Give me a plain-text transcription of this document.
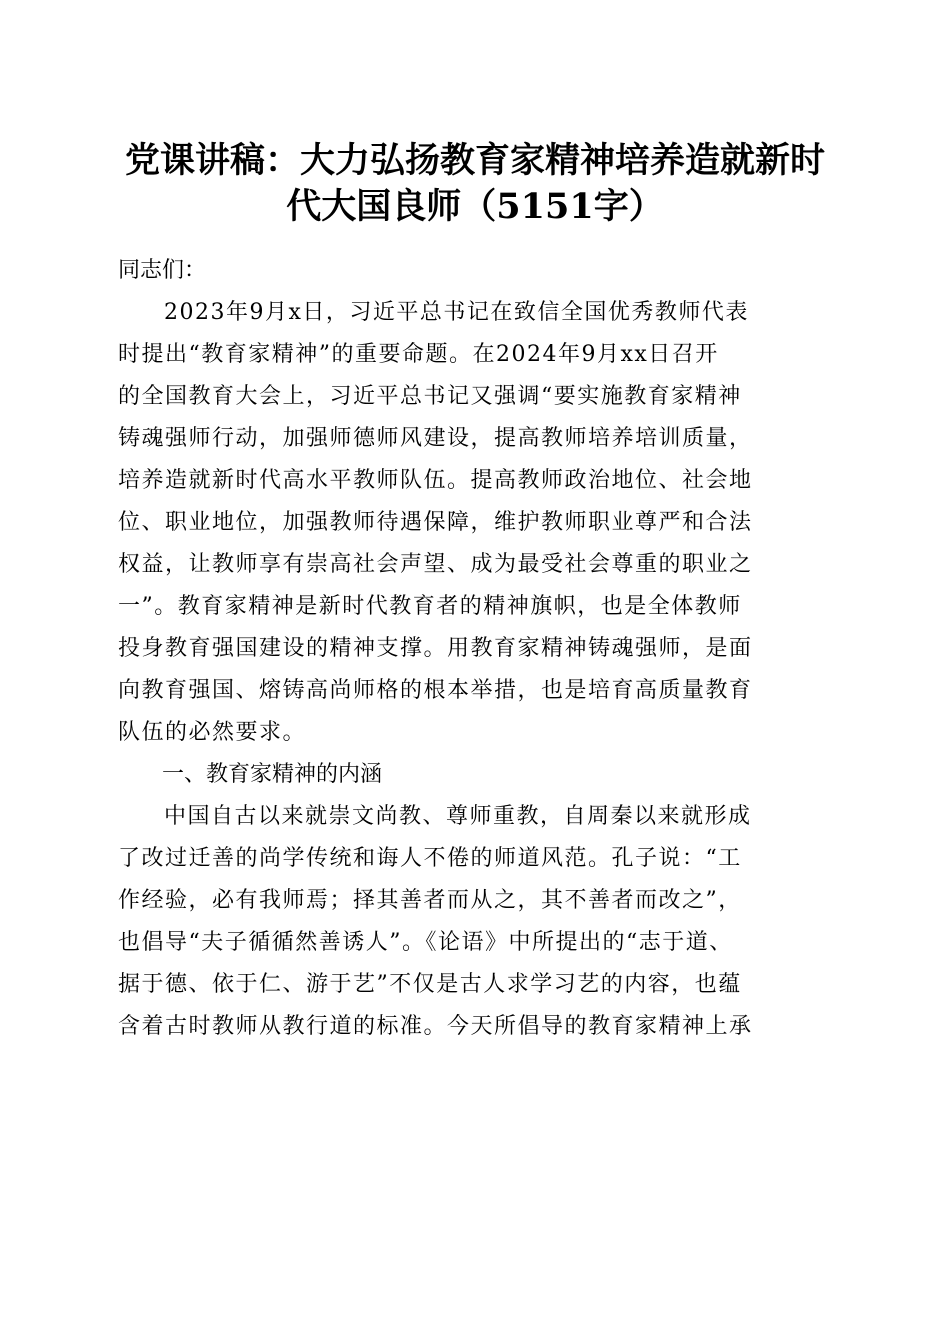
党课讲稿：大力弘扬教育家精神培养造就新时
代大国良师（5151字）
同志们：

2023年9月x日，习近平总书记在致信全国优秀教师代表
时提出“教育家精神”的重要命题。在2024年9月xx日召开
的全国教育大会上，习近平总书记又强调“要实施教育家精神
铸魂强师行动，加强师德师风建设，提高教师培养培训质量，
培养造就新时代高水平教师队伍。提高教师政治地位、社会地
位、职业地位，加强教师待遇保障，维护教师职业尊严和合法
权益，让教师享有崇高社会声望、成为最受社会尊重的职业之
一”。教育家精神是新时代教育者的精神旗帜，也是全体教师
投身教育强国建设的精神支撑。用教育家精神铸魂强师，是面
向教育强国、熔铸高尚师格的根本举措，也是培育高质量教育
队伍的必然要求。

一、教育家精神的内涵

中国自古以来就崇文尚教、尊师重教，自周秦以来就形成
了改过迁善的尚学传统和诲人不倦的师道风范。孔子说：“工
作经验，必有我师焉；择其善者而从之，其不善者而改之”，
也倡导“夫子循循然善诱人”。《论语》中所提出的“志于道、
据于德、依于仁、游于艺”不仅是古人求学习艺的内容，也蕴
含着古时教师从教行道的标准。今天所倡导的教育家精神上承
